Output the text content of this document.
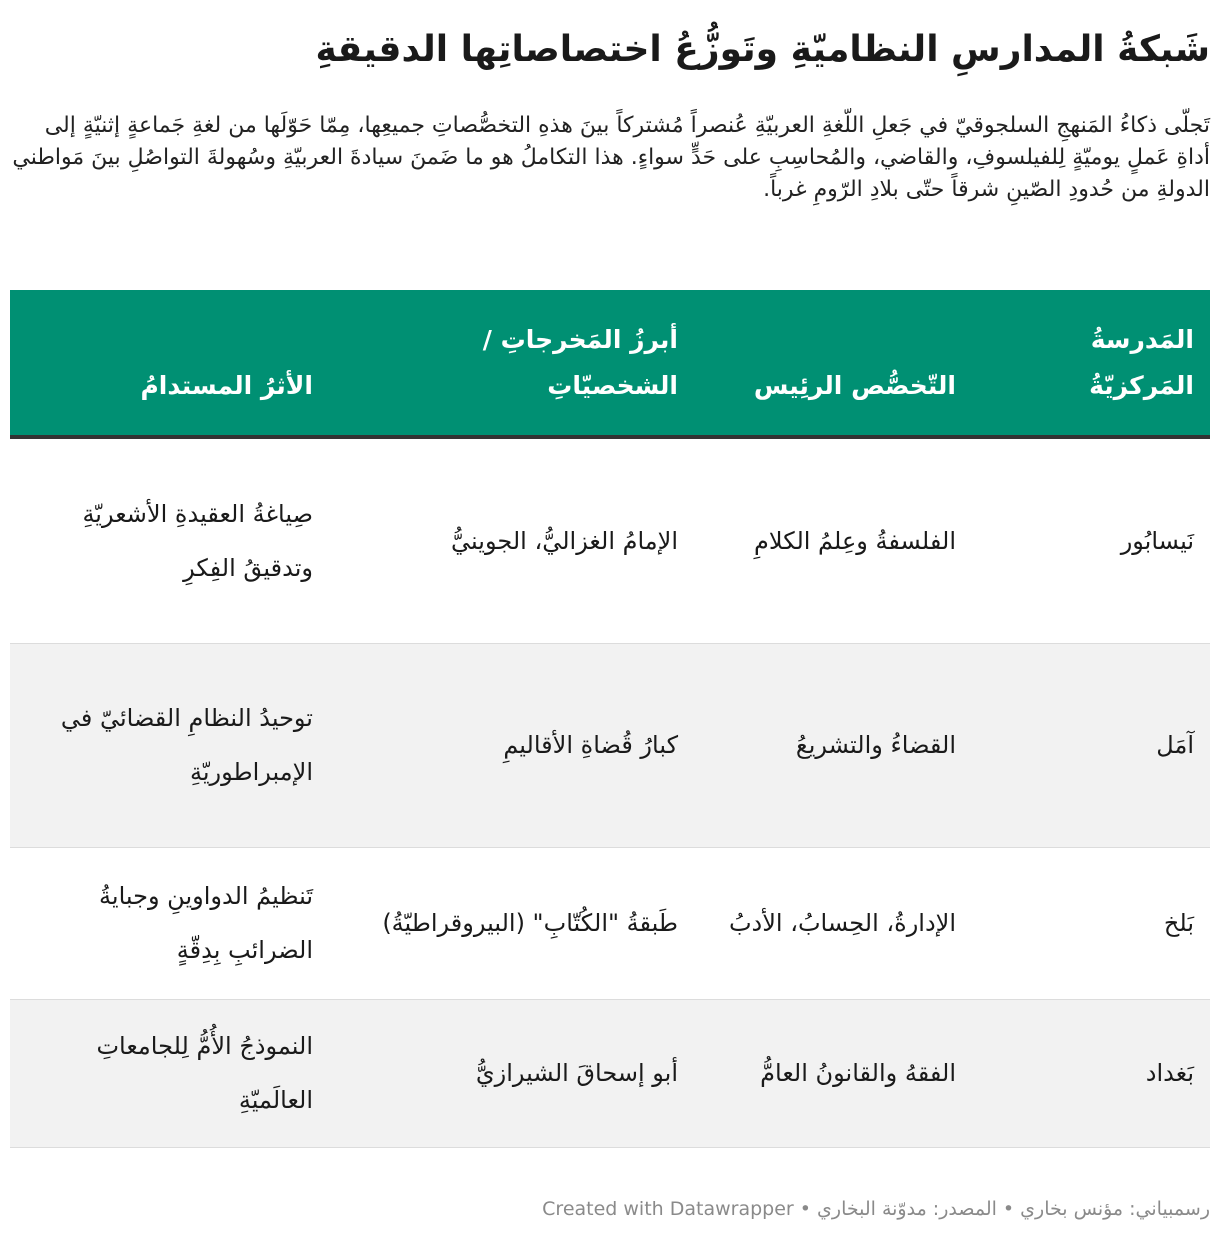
شَبكةُ المدارسِ النظاميّةِ وتَوزُّعُ اختصاصاتِها الدقيقةِ

تَجلّى ذكاءُ المَنهجِ السلجوقيّ في جَعلِ اللّغةِ العربيّةِ عُنصراً مُشتركاً بينَ هذهِ التخصُّصاتِ جميعِها، مِمّا حَوّلَها من لغةِ جَماعةٍ إثنيّةٍ إلى أداةِ عَملٍ يوميّةٍ لِلفيلسوفِ، والقاضي، والمُحاسِبِ على حَدٍّ سواءٍ. هذا التكاملُ هو ما ضَمنَ سيادةَ العربيّةِ وسُهولةَ التواصُلِ بينَ مَواطني الدولةِ من حُدودِ الصّينِ شرقاً حتّى بلادِ الرّومِ غرباً.

المَدرسةُ المَركزيّةُ	التّخصُّص الرئِيس	أبرزُ المَخرجاتِ / الشخصيّاتِ	الأثرُ المستدامُ
نَيسابُور	الفلسفةُ وعِلمُ الكلامِ	الإمامُ الغزاليُّ، الجوينيُّ	صِياغةُ العقيدةِ الأشعريّةِ وتدقيقُ الفِكرِ
آمَل	القضاءُ والتشريعُ	كبارُ قُضاةِ الأقاليمِ	توحيدُ النظامِ القضائيّ في الإمبراطوريّةِ
بَلخ	الإدارةُ، الحِسابُ، الأدبُ	طَبقةُ "الكُتّابِ" (البيروقراطيّةُ)	تَنظيمُ الدواوينِ وجبايةُ الضرائبِ بِدِقّةٍ
بَغداد	الفقهُ والقانونُ العامُّ	أبو إسحاقَ الشيرازيُّ	النموذجُ الأُمُّ لِلجامعاتِ العالَميّةِ
رسمبياني: مؤنس بخاري • المصدر: مدوّنة البخاري • Created with Datawrapper
